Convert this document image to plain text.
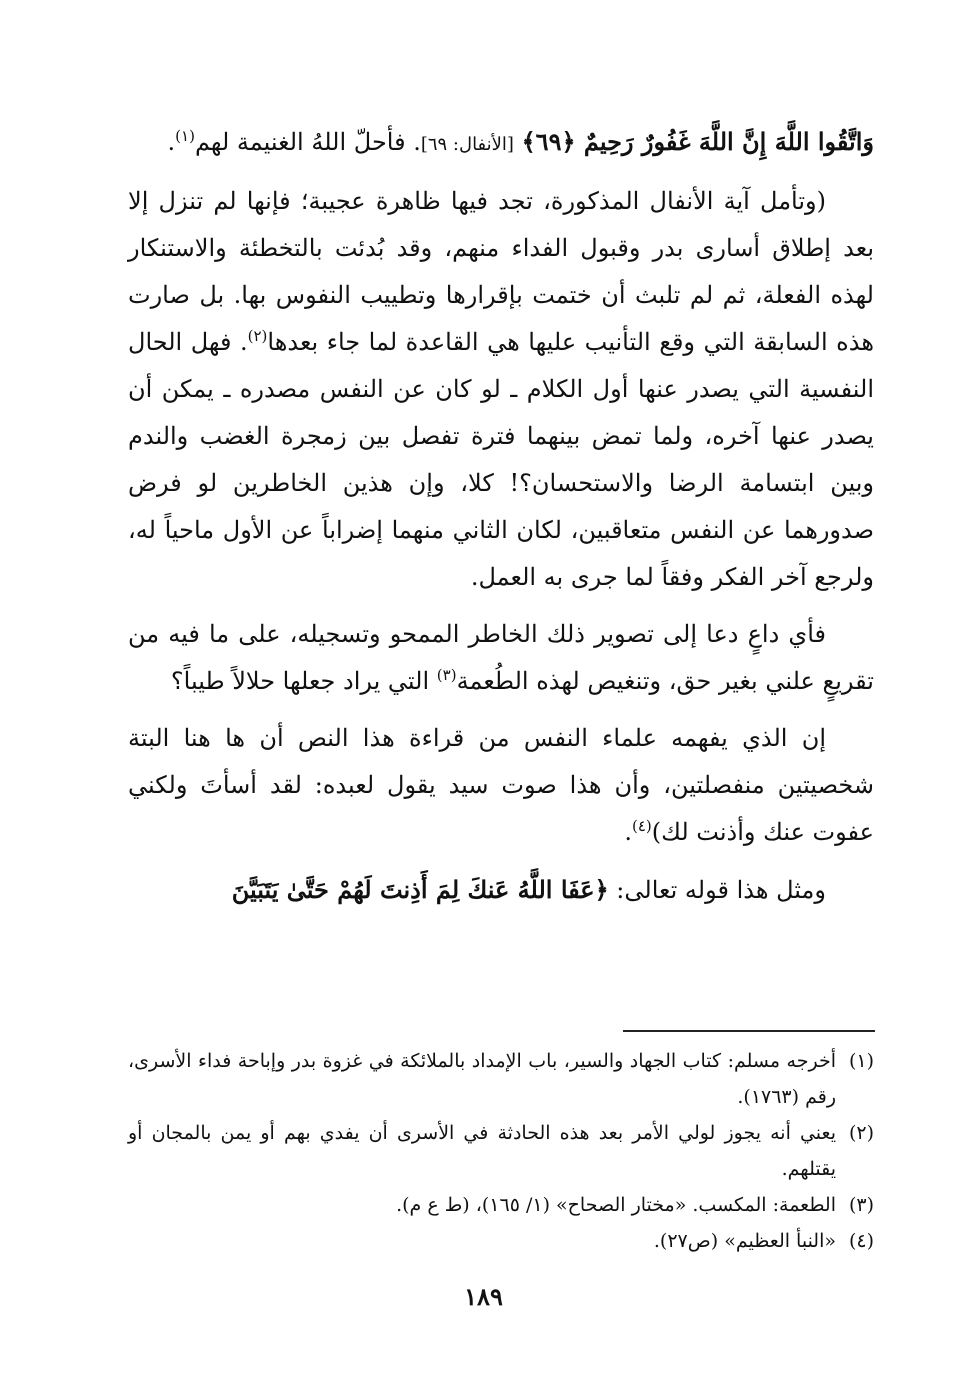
وَاتَّقُوا اللَّهَ إِنَّ اللَّهَ غَفُورٌ رَحِيمٌ ﴿٦٩﴾ [الأنفال: ٦٩]. فأحلّ اللهُ الغنيمة لهم$^{(١)}$.

(وتأمل آية الأنفال المذكورة، تجد فيها ظاهرة عجيبة؛ فإنها لم تنزل إلا بعد إطلاق أسارى بدر وقبول الفداء منهم، وقد بُدئت بالتخطئة والاستنكار لهذه الفعلة، ثم لم تلبث أن ختمت بإقرارها وتطييب النفوس بها. بل صارت هذه السابقة التي وقع التأنيب عليها هي القاعدة لما جاء بعدها$^{(٢)}$. فهل الحال النفسية التي يصدر عنها أول الكلام ـ لو كان عن النفس مصدره ـ يمكن أن يصدر عنها آخره، ولما تمض بينهما فترة تفصل بين زمجرة الغضب والندم وبين ابتسامة الرضا والاستحسان؟! كلا، وإن هذين الخاطرين لو فرض صدورهما عن النفس متعاقبين، لكان الثاني منهما إضراباً عن الأول ماحياً له، ولرجع آخر الفكر وفقاً لما جرى به العمل.

فأي داعٍ دعا إلى تصوير ذلك الخاطر الممحو وتسجيله، على ما فيه من تقريعٍ علني بغير حق، وتنغيص لهذه الطُعمة$^{(٣)}$ التي يراد جعلها حلالاً طيباً؟

إن الذي يفهمه علماء النفس من قراءة هذا النص أن ها هنا البتة شخصيتين منفصلتين، وأن هذا صوت سيد يقول لعبده: لقد أسأتَ ولكني عفوت عنك وأذنت لك)$^{(٤)}$.

ومثل هذا قوله تعالى: ﴿عَفَا اللَّهُ عَنكَ لِمَ أَذِنتَ لَهُمْ حَتَّىٰ يَتَبَيَّنَ

(١)أخرجه مسلم: كتاب الجهاد والسير، باب الإمداد بالملائكة في غزوة بدر وإباحة فداء الأسرى، رقم (١٧٦٣).

(٢)يعني أنه يجوز لولي الأمر بعد هذه الحادثة في الأسرى أن يفدي بهم أو يمن بالمجان أو يقتلهم.

(٣)الطعمة: المكسب. «مختار الصحاح» (١/ ١٦٥)، (ط ع م).

(٤)«النبأ العظيم» (ص٢٧).

١٨٩
